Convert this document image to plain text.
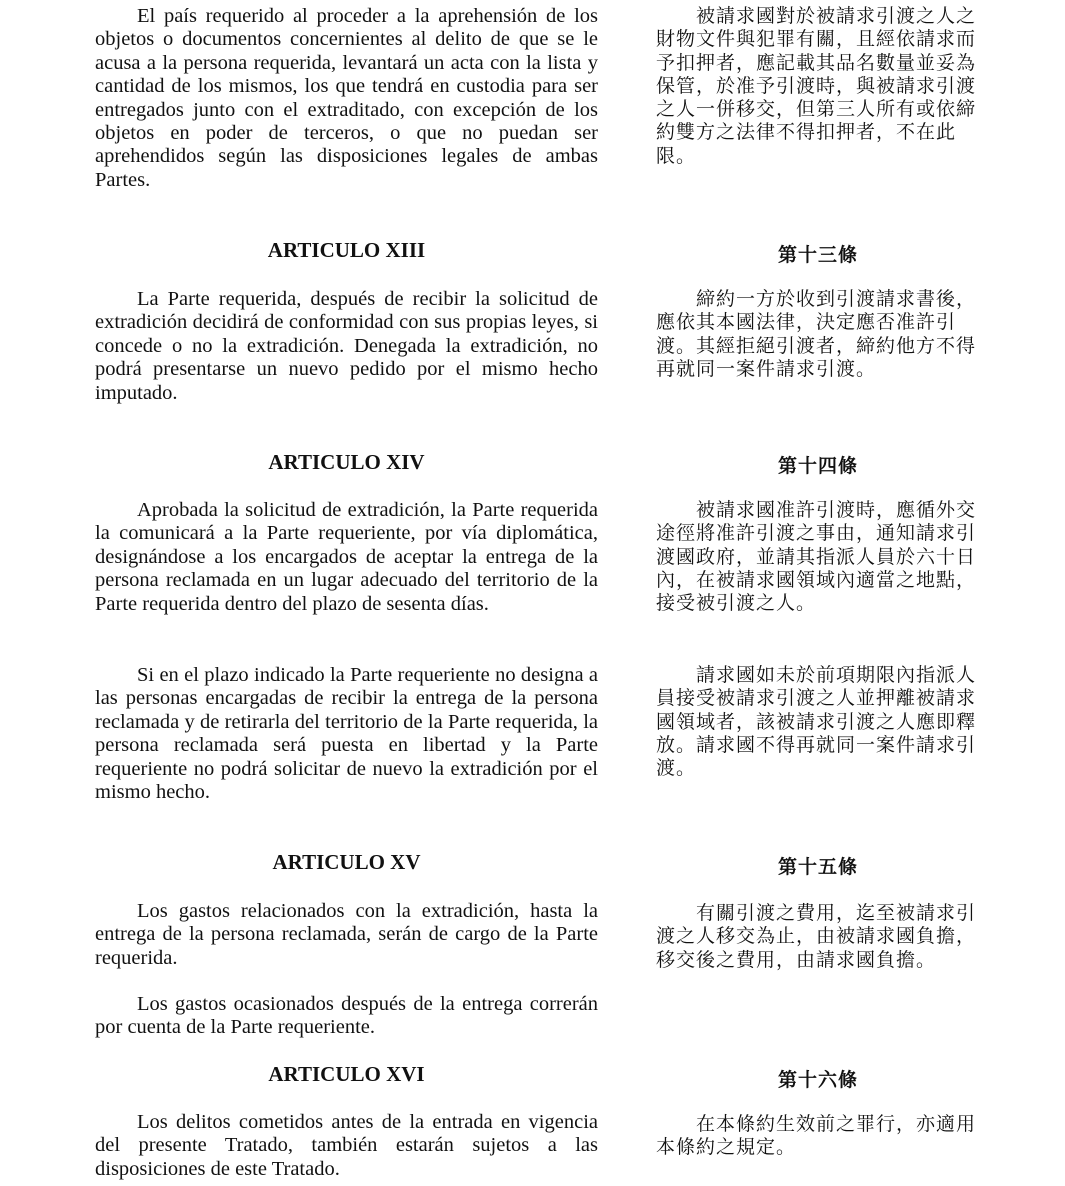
El país requerido al proceder a la aprehensión de los objetos o documentos concernientes al delito de que se le acusa a la persona requerida, levantará un acta con la lista y cantidad de los mismos, los que tendrá en custodia para ser entregados junto con el extraditado, con excepción de los objetos en poder de terceros, o que no puedan ser aprehendidos según las disposiciones legales de ambas Partes.

ARTICULO XIII

La Parte requerida, después de recibir la solicitud de extradición decidirá de conformidad con sus propias leyes, si concede o no la extradición. Denegada la extradición, no podrá presentarse un nuevo pedido por el mismo hecho imputado.

ARTICULO XIV

Aprobada la solicitud de extradición, la Parte requerida la comunicará a la Parte requeriente, por vía diplomática, designándose a los encargados de aceptar la entrega de la persona reclamada en un lugar adecuado del territorio de la Parte requerida dentro del plazo de sesenta días.

Si en el plazo indicado la Parte requeriente no designa a las personas encargadas de recibir la entrega de la persona reclamada y de retirarla del territorio de la Parte requerida, la persona reclamada será puesta en libertad y la Parte requeriente no podrá solicitar de nuevo la extradición por el mismo hecho.

ARTICULO XV

Los gastos relacionados con la extradición, hasta la entrega de la persona reclamada, serán de cargo de la Parte requerida.

Los gastos ocasionados después de la entrega correrán por cuenta de la Parte requeriente.

ARTICULO XVI

Los delitos cometidos antes de la entrada en vigencia del presente Tratado, también estarán sujetos a las disposiciones de este Tratado.

被請求國對於被請求引渡之人之財物文件與犯罪有關，且經依請求而予扣押者，應記載其品名數量並妥為保管，於准予引渡時，與被請求引渡之人一併移交，但第三人所有或依締約雙方之法律不得扣押者，不在此限。

第十三條

締約一方於收到引渡請求書後，應依其本國法律，決定應否准許引渡。其經拒絕引渡者，締約他方不得再就同一案件請求引渡。

第十四條

被請求國准許引渡時，應循外交途徑將准許引渡之事由，通知請求引渡國政府，並請其指派人員於六十日內，在被請求國領域內適當之地點，接受被引渡之人。

請求國如未於前項期限內指派人員接受被請求引渡之人並押離被請求國領域者，該被請求引渡之人應即釋放。請求國不得再就同一案件請求引渡。

第十五條

有關引渡之費用，迄至被請求引渡之人移交為止，由被請求國負擔，移交後之費用，由請求國負擔。

第十六條

在本條約生效前之罪行，亦適用本條約之規定。
